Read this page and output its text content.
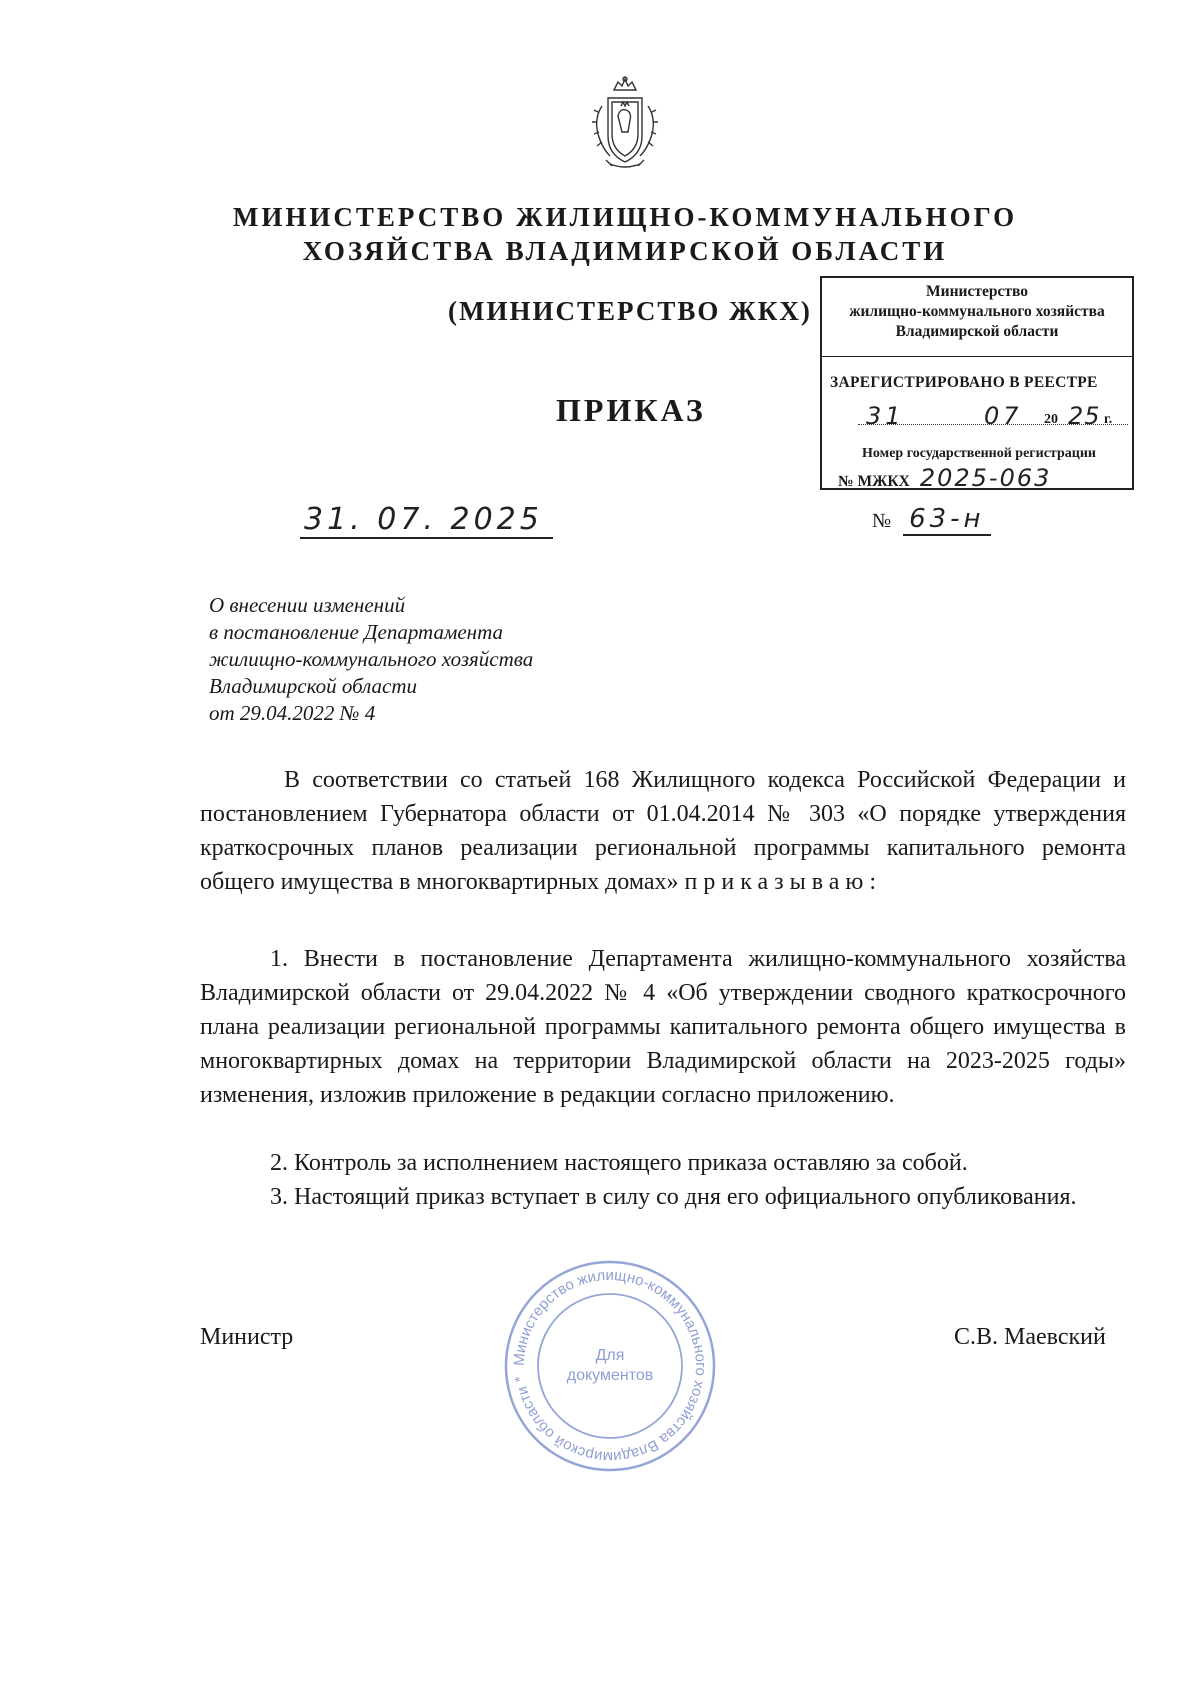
МИНИСТЕРСТВО ЖИЛИЩНО-КОММУНАЛЬНОГО
ХОЗЯЙСТВА ВЛАДИМИРСКОЙ ОБЛАСТИ
(МИНИСТЕРСТВО ЖКХ)
Министерство
жилищно-коммунального хозяйства
Владимирской области
ЗАРЕГИСТРИРОВАНО В РЕЕСТРЕ
31	07 20 25 г.
Номер государственной регистрации
№ МЖКХ 2025-063
ПРИКАЗ
31. 07. 2025	№ 63-н
О внесении изменений
в постановление Департамента
жилищно-коммунального хозяйства
Владимирской области
от 29.04.2022 № 4

В соответствии со статьей 168 Жилищного кодекса Российской Федерации и постановлением Губернатора области от 01.04.2014 № 303 «О порядке утверждения краткосрочных планов реализации региональной программы капитального ремонта общего имущества в многоквартирных домах» приказываю:

1. Внести в постановление Департамента жилищно-коммунального хозяйства Владимирской области от 29.04.2022 № 4 «Об утверждении сводного краткосрочного плана реализации региональной программы капитального ремонта общего имущества в многоквартирных домах на территории Владимирской области на 2023-2025 годы» изменения, изложив приложение в редакции согласно приложению.

2. Контроль за исполнением настоящего приказа оставляю за собой.

3. Настоящий приказ вступает в силу со дня его официального опубликования.

Министерство жилищно-коммунального хозяйства Владимирской области *
Для
документов
Министр	С.В. Маевский
